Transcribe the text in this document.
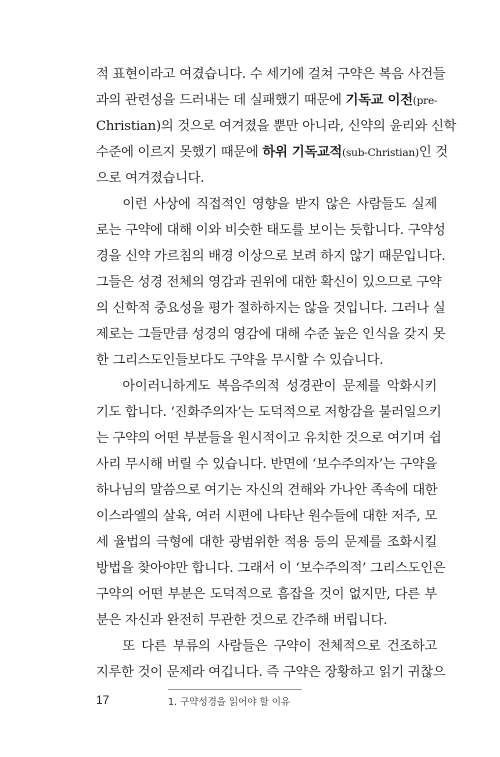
적 표현이라고 여겼습니다. 수 세기에 걸쳐 구약은 복음 사건들
과의 관련성을 드러내는 데 실패했기 때문에 기독교 이전(pre-
Christian)의 것으로 여겨졌을 뿐만 아니라, 신약의 윤리와 신학
수준에 이르지 못했기 때문에 하위 기독교적(sub-Christian)인 것
으로 여겨졌습니다.
이런 사상에 직접적인 영향을 받지 않은 사람들도 실제
로는 구약에 대해 이와 비슷한 태도를 보이는 듯합니다. 구약성
경을 신약 가르침의 배경 이상으로 보려 하지 않기 때문입니다.
그들은 성경 전체의 영감과 권위에 대한 확신이 있으므로 구약
의 신학적 중요성을 평가 절하하지는 않을 것입니다. 그러나 실
제로는 그들만큼 성경의 영감에 대해 수준 높은 인식을 갖지 못
한 그리스도인들보다도 구약을 무시할 수 있습니다.
아이러니하게도 복음주의적 성경관이 문제를 악화시키
기도 합니다. ‘진화주의자’는 도덕적으로 저항감을 불러일으키
는 구약의 어떤 부분들을 원시적이고 유치한 것으로 여기며 쉽
사리 무시해 버릴 수 있습니다. 반면에 ‘보수주의자’는 구약을
하나님의 말씀으로 여기는 자신의 견해와 가나안 족속에 대한
이스라엘의 살육, 여러 시편에 나타난 원수들에 대한 저주, 모
세 율법의 극형에 대한 광범위한 적용 등의 문제를 조화시킬
방법을 찾아야만 합니다. 그래서 이 ‘보수주의적’ 그리스도인은
구약의 어떤 부분은 도덕적으로 흠잡을 것이 없지만, 다른 부
분은 자신과 완전히 무관한 것으로 간주해 버립니다.
또 다른 부류의 사람들은 구약이 전체적으로 건조하고
지루한 것이 문제라 여깁니다. 즉 구약은 장황하고 읽기 귀찮으
17	1. 구약성경을 읽어야 할 이유
